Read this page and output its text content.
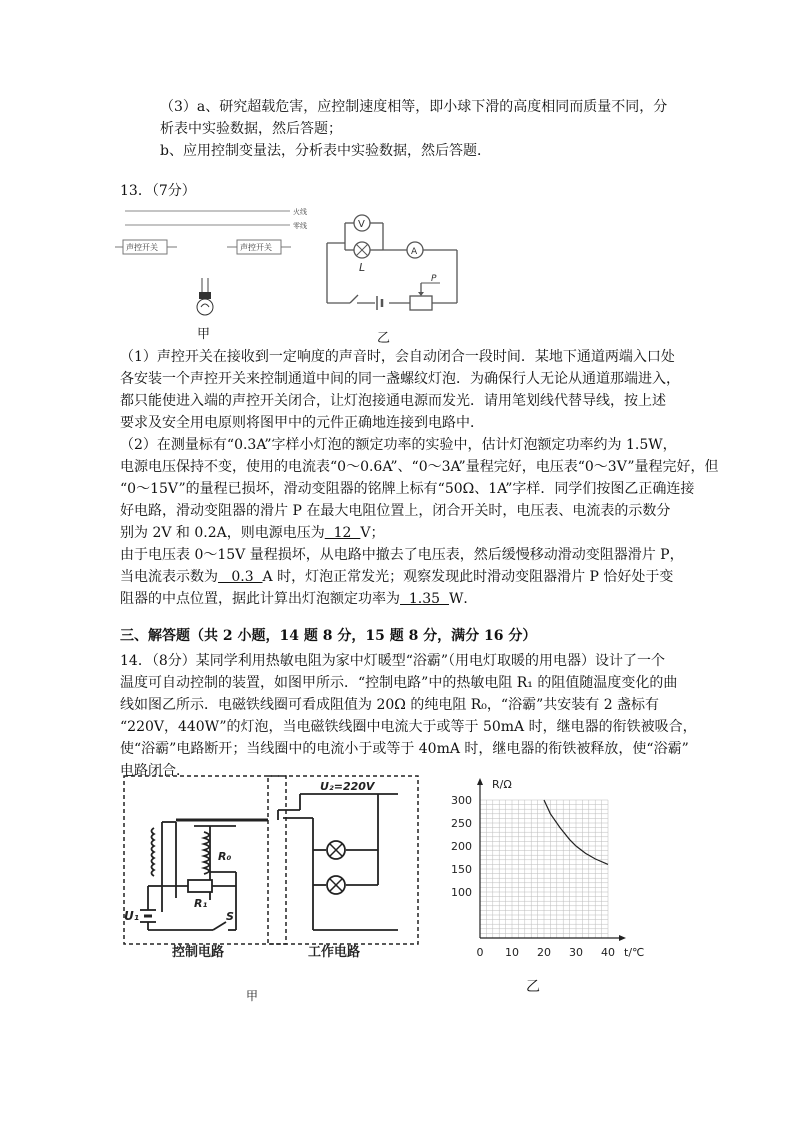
（3）a、研究超载危害，应控制速度相等，即小球下滑的高度相同而质量不同，分
析表中实验数据，然后答题；
b、应用控制变量法，分析表中实验数据，然后答题．
13．（7分）
火线
零线
声控开关	声控开关
甲
V
L
A
P
乙
（1）声控开关在接收到一定响度的声音时，会自动闭合一段时间．某地下通道两端入口处
各安装一个声控开关来控制通道中间的同一盏螺纹灯泡．为确保行人无论从通道那端进入，
都只能使进入端的声控开关闭合，让灯泡接通电源而发光．请用笔划线代替导线，按上述
要求及安全用电原则将图甲中的元件正确地连接到电路中．
（2）在测量标有“0.3A”字样小灯泡的额定功率的实验中，估计灯泡额定功率约为 1.5W，
电源电压保持不变，使用的电流表“0～0.6A”、“0～3A”量程完好，电压表“0～3V”量程完好，但
“0～15V”的量程已损坏，滑动变阻器的铭牌上标有“50Ω、1A”字样．同学们按图乙正确连接
好电路，滑动变阻器的滑片 P 在最大电阻位置上，闭合开关时，电压表、电流表的示数分
别为 2V 和 0.2A，则电源电压为  12  V；
由于电压表 0～15V 量程损坏，从电路中撤去了电压表，然后缓慢移动滑动变阻器滑片 P，
当电流表示数为   0.3  A 时，灯泡正常发光；观察发现此时滑动变阻器滑片 P 恰好处于变
阻器的中点位置，据此计算出灯泡额定功率为  1.35  W．
三、解答题（共 2 小题，14 题 8 分，15 题 8 分，满分 16 分）
14．（8分）某同学利用热敏电阻为家中灯暖型“浴霸”（用电灯取暖的用电器）设计了一个
温度可自动控制的装置，如图甲所示．“控制电路”中的热敏电阻 R₁ 的阻值随温度变化的曲
线如图乙所示．电磁铁线圈可看成阻值为 20Ω 的纯电阻 R₀，“浴霸”共安装有 2 盏标有
“220V，440W”的灯泡，当电磁铁线圈中电流大于或等于 50mA 时，继电器的衔铁被吸合，
使“浴霸”电路断开；当线圈中的电流小于或等于 40mA 时，继电器的衔铁被释放，使“浴霸”
电路闭合．
U₂=220V
R₀
R₁
U₁	S
控制电路	工作电路
甲
0 10 20 30 40
100
150
200
250
300
R/Ω
t/℃
乙
